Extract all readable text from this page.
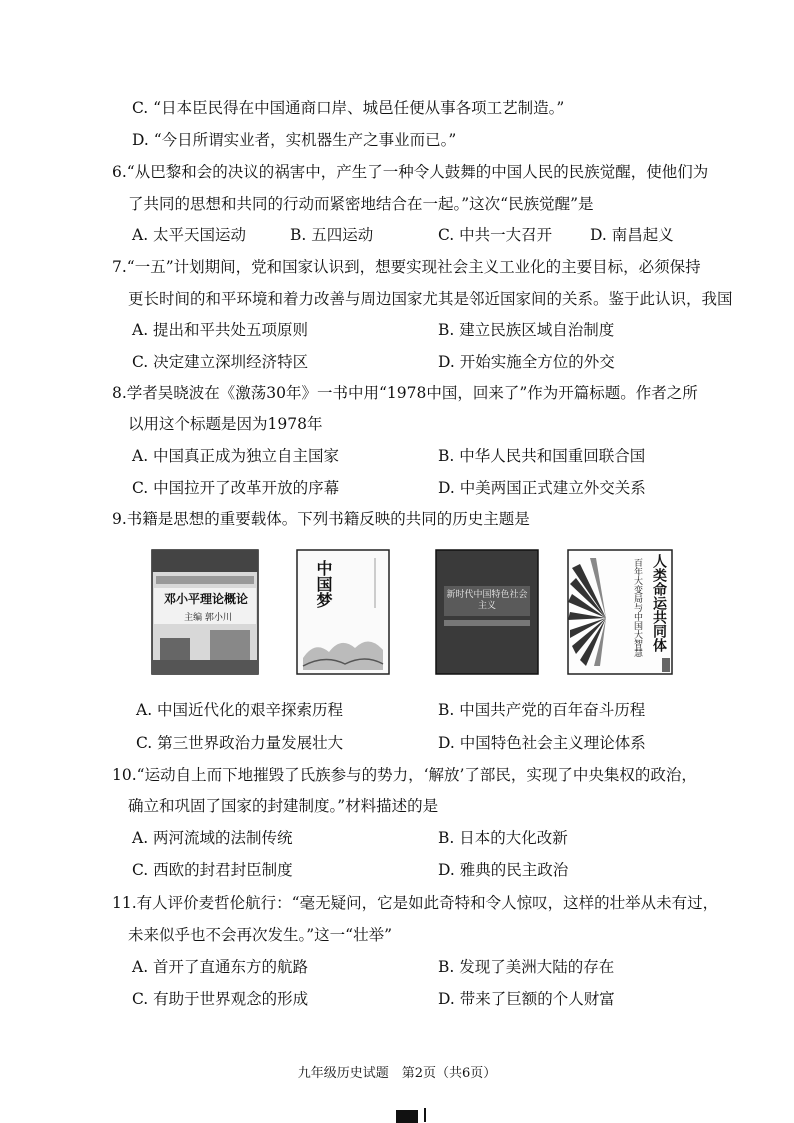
C. “日本臣民得在中国通商口岸、城邑任便从事各项工艺制造。”
D. “今日所谓实业者，实机器生产之事业而已。”
6.“从巴黎和会的决议的祸害中，产生了一种令人鼓舞的中国人民的民族觉醒，使他们为
了共同的思想和共同的行动而紧密地结合在一起。”这次“民族觉醒”是
A. 太平天国运动	B. 五四运动	C. 中共一大召开 D. 南昌起义
7.“一五”计划期间，党和国家认识到，想要实现社会主义工业化的主要目标，必须保持
更长时间的和平环境和着力改善与周边国家尤其是邻近国家间的关系。鉴于此认识，我国
A. 提出和平共处五项原则	B. 建立民族区域自治制度
C. 决定建立深圳经济特区	D. 开始实施全方位的外交
8.学者吴晓波在《激荡30年》一书中用“1978中国，回来了”作为开篇标题。作者之所
以用这个标题是因为1978年
A. 中国真正成为独立自主国家	B. 中华人民共和国重回联合国
C. 中国拉开了改革开放的序幕	D. 中美两国正式建立外交关系
9.书籍是思想的重要载体。下列书籍反映的共同的历史主题是
邓小平理论概论
主编 郭小川
中国梦	新时代中国特色社会主义	人类命运共同体
百年大变局与中国大智慧
A. 中国近代化的艰辛探索历程	B. 中国共产党的百年奋斗历程
C. 第三世界政治力量发展壮大	D. 中国特色社会主义理论体系
10.“运动自上而下地摧毁了氏族参与的势力，‘解放’了部民，实现了中央集权的政治，
确立和巩固了国家的封建制度。”材料描述的是
A. 两河流域的法制传统	B. 日本的大化改新
C. 西欧的封君封臣制度	D. 雅典的民主政治
11.有人评价麦哲伦航行：“毫无疑问，它是如此奇特和令人惊叹，这样的壮举从未有过，
未来似乎也不会再次发生。”这一“壮举”
A. 首开了直通东方的航路	B. 发现了美洲大陆的存在
C. 有助于世界观念的形成	D. 带来了巨额的个人财富
九年级历史试题　第2页（共6页）
